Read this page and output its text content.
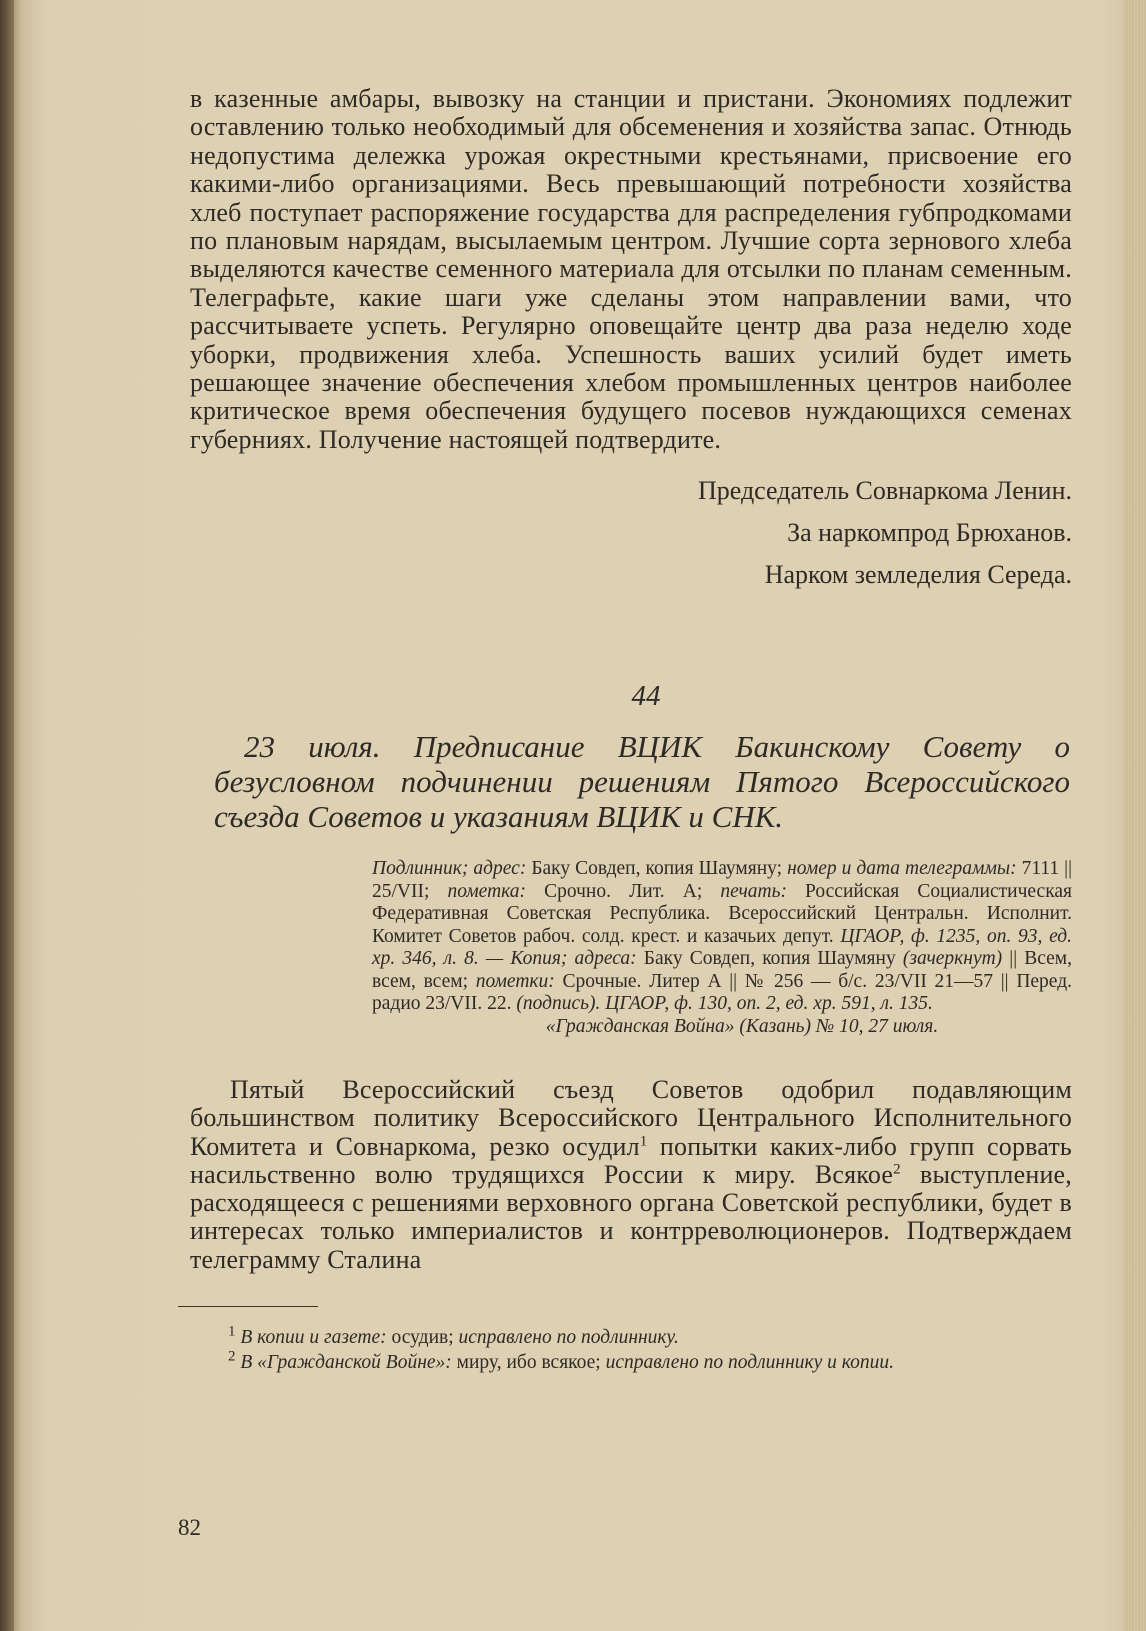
в казенные амбары, вывозку на станции и пристани. Экономиях подлежит оставлению только необходимый для обсеменения и хозяйства запас. Отнюдь недопустима дележка урожая окрестными крестьянами, присвоение его какими-либо организациями. Весь превышающий потребности хозяйства хлеб поступает распоряжение государства для распределения губпродкомами по плановым нарядам, высылаемым центром. Лучшие сорта зернового хлеба выделяются качестве семенного материала для отсылки по планам семенным. Телеграфьте, какие шаги уже сделаны этом направлении вами, что рассчитываете успеть. Регулярно оповещайте центр два раза неделю ходе уборки, продвижения хлеба. Успешность ваших усилий будет иметь решающее значение обеспечения хлебом промышленных центров наиболее критическое время обеспечения будущего посевов нуждающихся семенах губерниях. Получение настоящей подтвердите.

Председатель Совнаркома Ленин.
За наркомпрод Брюханов.
Нарком земледелия Середа.
44
23 июля. Предписание ВЦИК Бакинскому Совету о безусловном подчинении решениям Пятого Всероссийского съезда Советов и указаниям ВЦИК и СНК.
Подлинник; адрес: Баку Совдеп, копия Шаумяну; номер и дата телеграммы: 7111 || 25/VII; пометка: Срочно. Лит. А; печать: Российская Социалистическая Федеративная Советская Республика. Всероссийский Центральн. Исполнит. Комитет Советов рабоч. солд. крест. и казачьих депут. ЦГАОР, ф. 1235, оп. 93, ед. хр. 346, л. 8. — Копия; адреса: Баку Совдеп, копия Шаумяну (зачеркнут) || Всем, всем, всем; пометки: Срочные. Литер А || № 256 — б/с. 23/VII 21—57 || Перед. радио 23/VII. 22. (подпись). ЦГАОР, ф. 130, оп. 2, ед. хр. 591, л. 135.
«Гражданская Война» (Казань) № 10, 27 июля.

Пятый Всероссийский съезд Советов одобрил подавляющим большинством политику Всероссийского Центрального Исполнительного Комитета и Совнаркома, резко осудил$^1$ попытки каких-либо групп сорвать насильственно волю трудящихся России к миру. Всякое$^2$ выступление, расходящееся с решениями верховного органа Советской республики, будет в интересах только империалистов и контрреволюционеров. Подтверждаем телеграмму Сталина

$^1$ В копии и газете: осудив; исправлено по подлиннику.

$^2$ В «Гражданской Войне»: миру, ибо всякое; исправлено по подлиннику и копии.

82
